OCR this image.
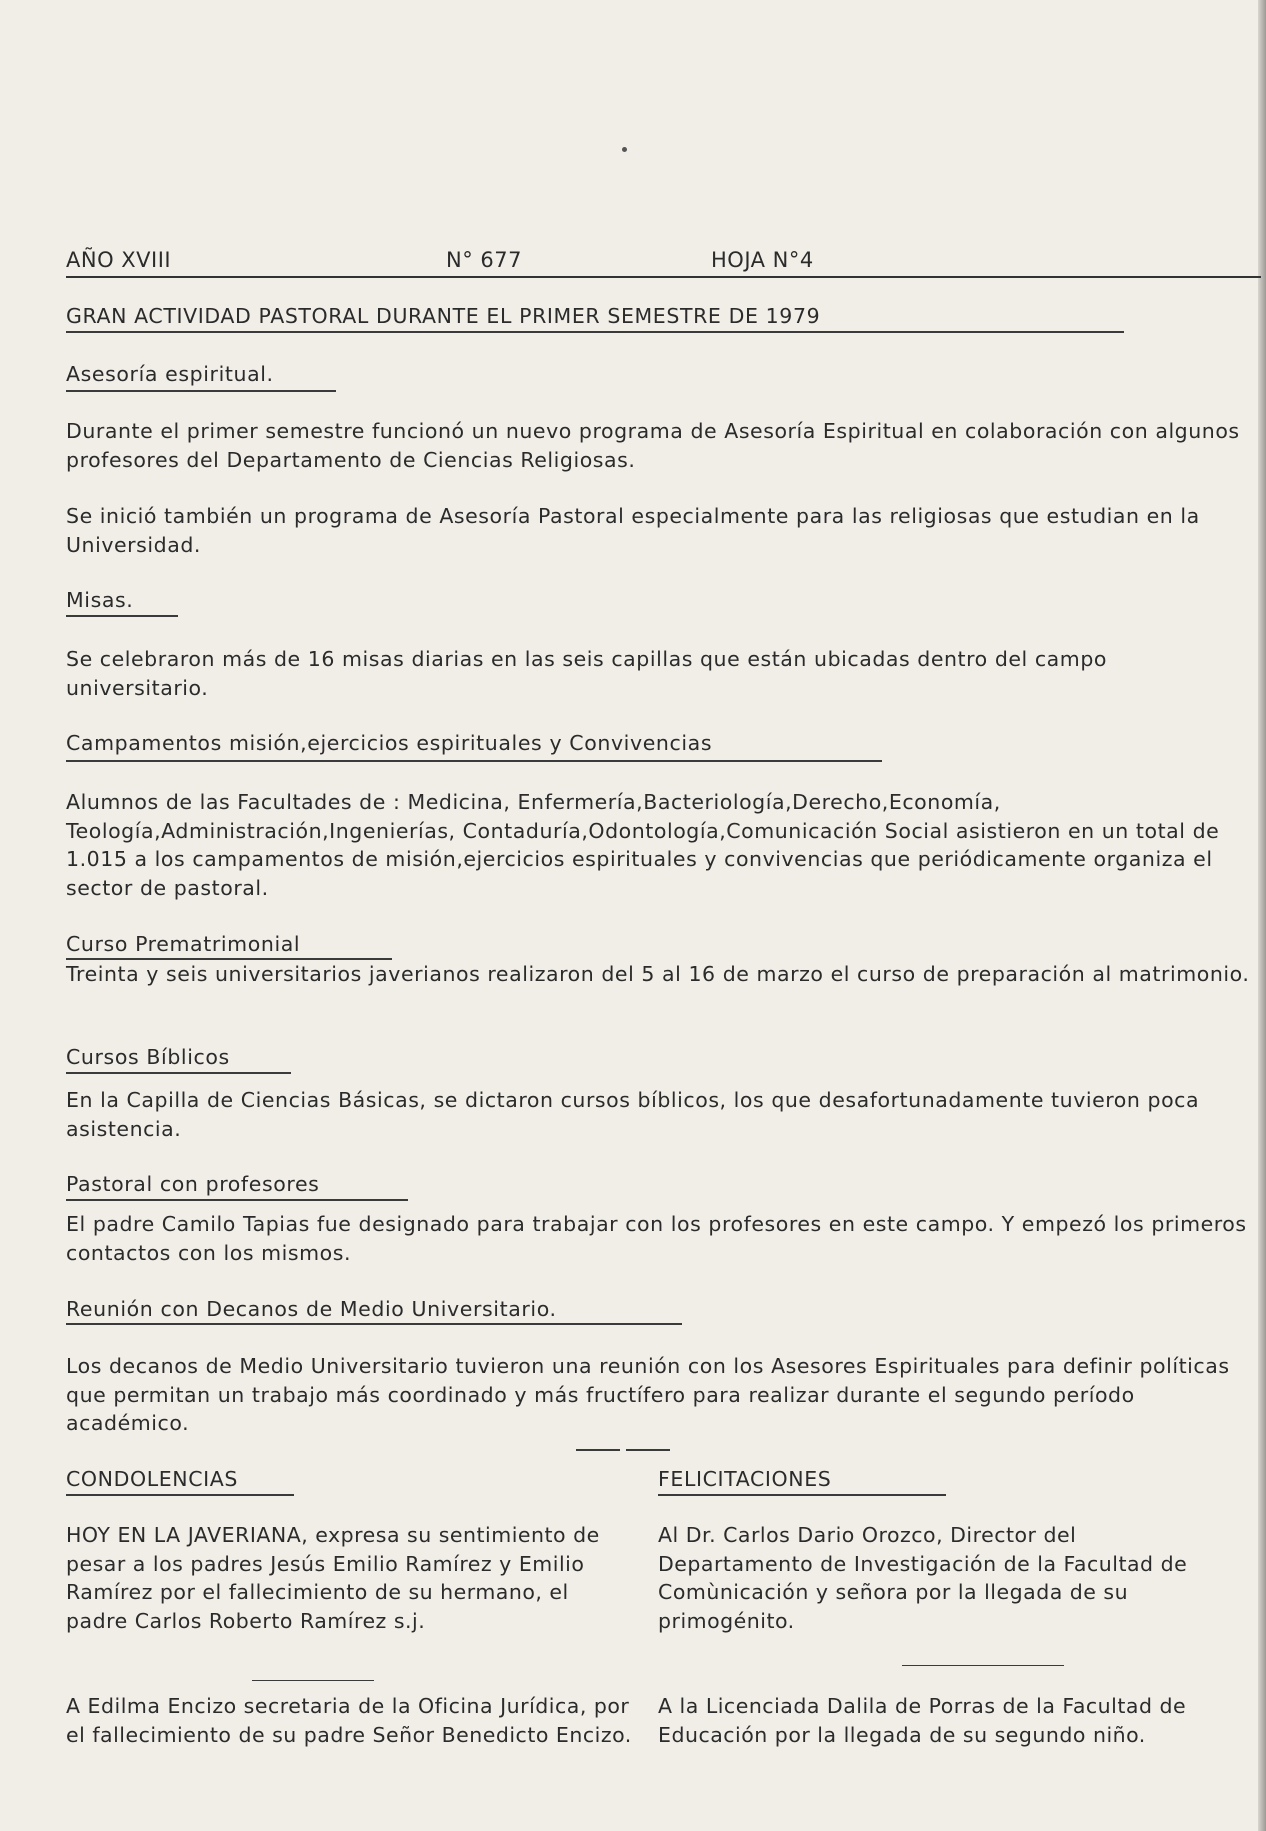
AÑO XVIII	N° 677	HOJA N°4
GRAN ACTIVIDAD PASTORAL DURANTE EL PRIMER SEMESTRE DE 1979
Asesoría espiritual.

Durante el primer semestre funcionó un nuevo programa de Asesoría Espiritual en colaboración con algunos profesores del Departamento de Ciencias Religiosas.

Se inició también un programa de Asesoría Pastoral especialmente para las religiosas que estudian en la Universidad.

Misas.

Se celebraron más de 16 misas diarias en las seis capillas que están ubicadas dentro del campo universitario.

Campamentos misión,ejercicios espirituales y Convivencias

Alumnos de las Facultades de : Medicina, Enfermería,Bacteriología,Derecho,Economía, Teología,Administración,Ingenierías, Contaduría,Odontología,Comunicación Social asistieron en un total de 1.015 a los campamentos de misión,ejercicios espirituales y convivencias que periódicamente organiza el sector de pastoral.

Curso Prematrimonial

Treinta y seis universitarios javerianos realizaron del 5 al 16 de marzo el curso de preparación al matrimonio.

Cursos Bíblicos

En la Capilla de Ciencias Básicas, se dictaron cursos bíblicos, los que desafortunadamente tuvieron poca asistencia.

Pastoral con profesores

El padre Camilo Tapias fue designado para trabajar con los profesores en este campo. Y empezó los primeros contactos con los mismos.

Reunión con Decanos de Medio Universitario.

Los decanos de Medio Universitario tuvieron una reunión con los Asesores Espirituales para definir políticas que permitan un trabajo más coordinado y más fructífero para realizar durante el segundo período académico.

CONDOLENCIAS

HOY EN LA JAVERIANA, expresa su sentimiento de pesar a los padres Jesús Emilio Ramírez y Emilio Ramírez por el fallecimiento de su hermano, el padre Carlos Roberto Ramírez s.j.

A Edilma Encizo secretaria de la Oficina Jurídica, por el fallecimiento de su padre Señor Benedicto Encizo.

FELICITACIONES

Al Dr. Carlos Dario Orozco, Director del Departamento de Investigación de la Facultad de Comùnicación y señora por la llegada de su primogénito.

A la Licenciada Dalila de Porras de la Facultad de Educación por la llegada de su segundo niño.
